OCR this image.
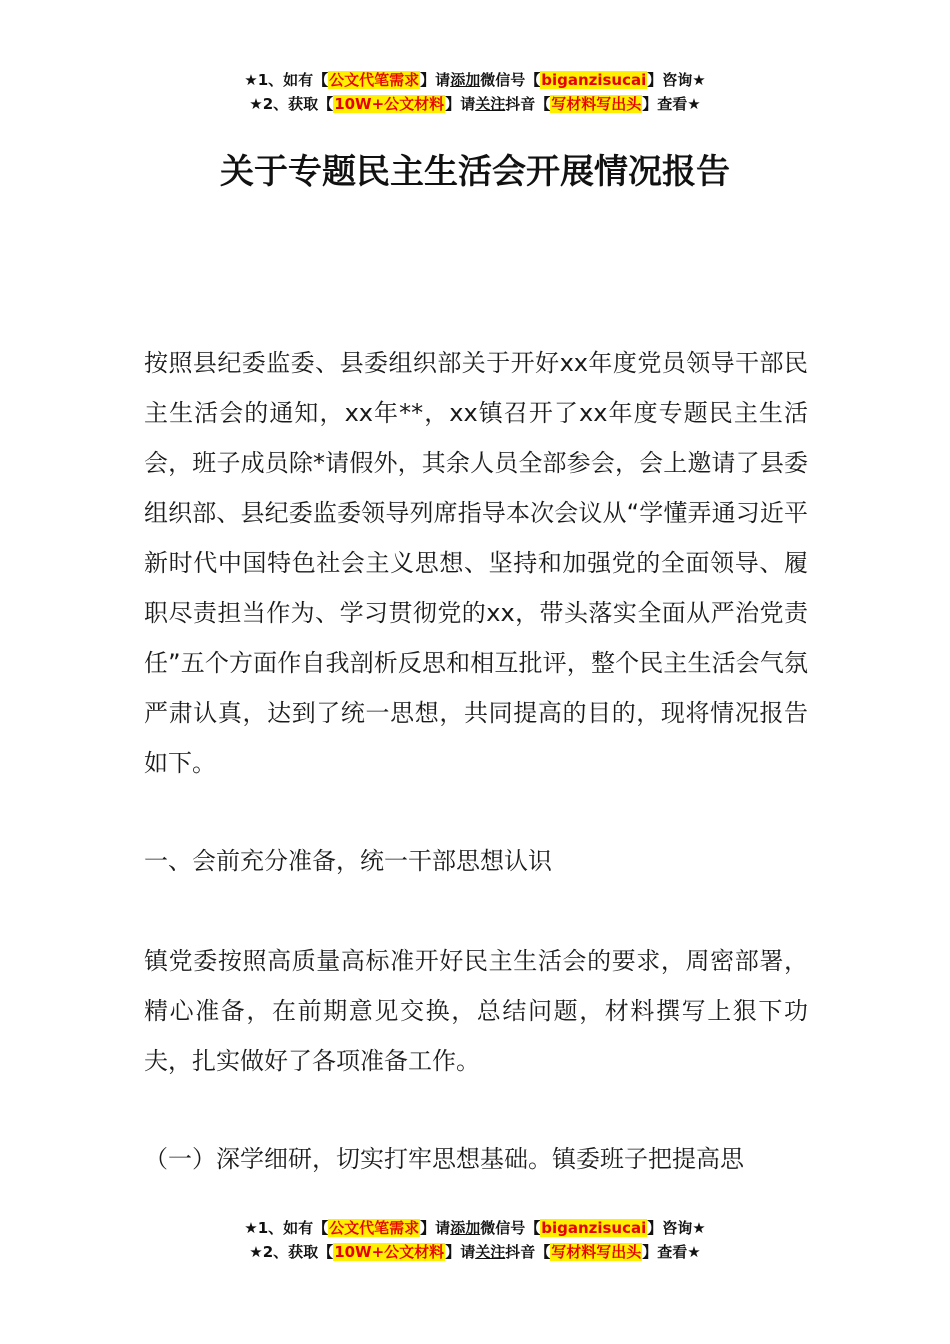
★1、如有【公文代笔需求】请添加微信号【biganzisucai】咨询★
★2、获取【10W+公文材料】请关注抖音【写材料写出头】查看★
关于专题民主生活会开展情况报告
按照县纪委监委、县委组织部关于开好xx年度党员领导干部民主生活会的通知，xx年**，xx镇召开了xx年度专题民主生活会，班子成员除*请假外，其余人员全部参会，会上邀请了县委组织部、县纪委监委领导列席指导本次会议从“学懂弄通习近平新时代中国特色社会主义思想、坚持和加强党的全面领导、履职尽责担当作为、学习贯彻党的xx，带头落实全面从严治党责任”五个方面作自我剖析反思和相互批评，整个民主生活会气氛严肃认真，达到了统一思想，共同提高的目的，现将情况报告如下。
一、会前充分准备，统一干部思想认识
镇党委按照高质量高标准开好民主生活会的要求，周密部署，精心准备，在前期意见交换，总结问题，材料撰写上狠下功夫，扎实做好了各项准备工作。
（一）深学细研，切实打牢思想基础。镇委班子把提高思
★1、如有【公文代笔需求】请添加微信号【biganzisucai】咨询★
★2、获取【10W+公文材料】请关注抖音【写材料写出头】查看★
